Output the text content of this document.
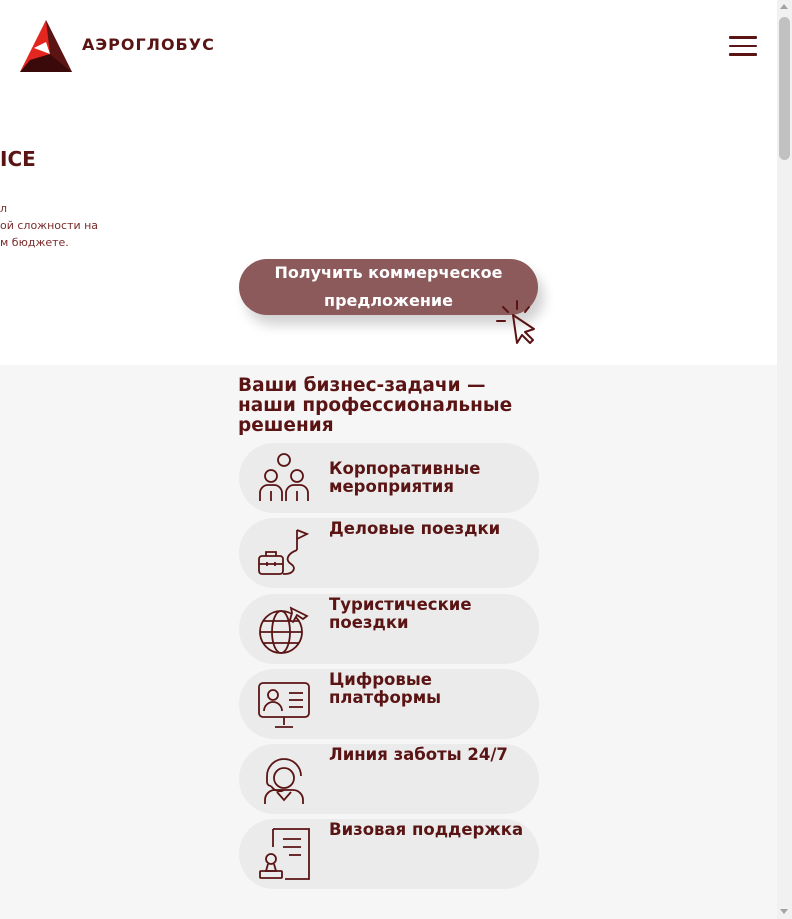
АЭРОГЛОБУС
ICE
л
ой сложности на
м бюджете.
Получить коммерческое
предложение
Ваши бизнес-задачи — наши профессиональные решения
Корпоративные мероприятия
Деловые поездки
Туристические поездки
Цифровые платформы
Линия заботы 24/7
Визовая поддержка
